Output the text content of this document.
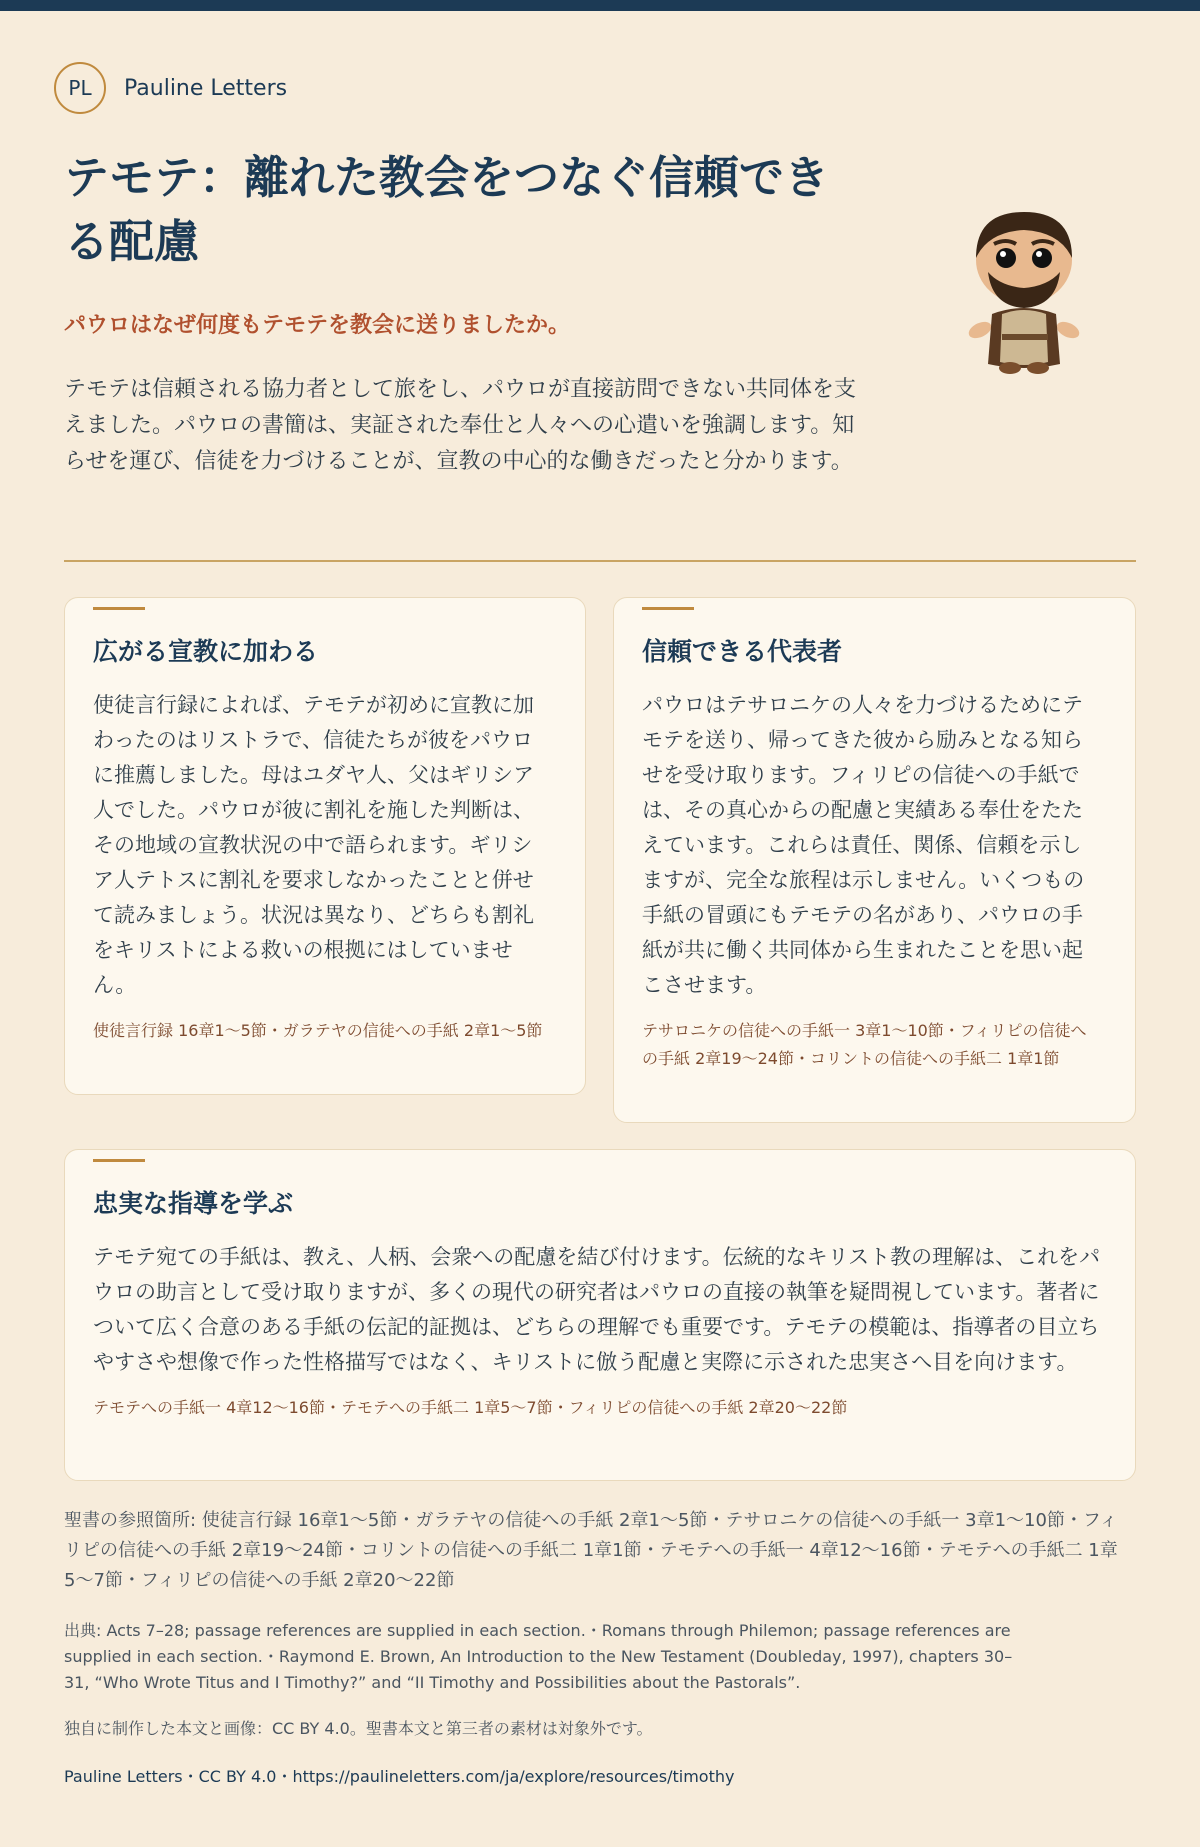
PL	Pauline Letters
テモテ：離れた教会をつなぐ信頼できる配慮
パウロはなぜ何度もテモテを教会に送りましたか。

テモテは信頼される協力者として旅をし、パウロが直接訪問できない共同体を支えました。パウロの書簡は、実証された奉仕と人々への心遣いを強調します。知らせを運び、信徒を力づけることが、宣教の中心的な働きだったと分かります。

広がる宣教に加わる

使徒言行録によれば、テモテが初めに宣教に加わったのはリストラで、信徒たちが彼をパウロに推薦しました。母はユダヤ人、父はギリシア人でした。パウロが彼に割礼を施した判断は、その地域の宣教状況の中で語られます。ギリシア人テトスに割礼を要求しなかったことと併せて読みましょう。状況は異なり、どちらも割礼をキリストによる救いの根拠にはしていません。

使徒言行録 16章1〜5節・ガラテヤの信徒への手紙 2章1〜5節

信頼できる代表者

パウロはテサロニケの人々を力づけるためにテモテを送り、帰ってきた彼から励みとなる知らせを受け取ります。フィリピの信徒への手紙では、その真心からの配慮と実績ある奉仕をたたえています。これらは責任、関係、信頼を示しますが、完全な旅程は示しません。いくつもの手紙の冒頭にもテモテの名があり、パウロの手紙が共に働く共同体から生まれたことを思い起こさせます。

テサロニケの信徒への手紙一 3章1〜10節・フィリピの信徒への手紙 2章19〜24節・コリントの信徒への手紙二 1章1節

忠実な指導を学ぶ

テモテ宛ての手紙は、教え、人柄、会衆への配慮を結び付けます。伝統的なキリスト教の理解は、これをパウロの助言として受け取りますが、多くの現代の研究者はパウロの直接の執筆を疑問視しています。著者について広く合意のある手紙の伝記的証拠は、どちらの理解でも重要です。テモテの模範は、指導者の目立ちやすさや想像で作った性格描写ではなく、キリストに倣う配慮と実際に示された忠実さへ目を向けます。

テモテへの手紙一 4章12〜16節・テモテへの手紙二 1章5〜7節・フィリピの信徒への手紙 2章20〜22節

聖書の参照箇所: 使徒言行録 16章1〜5節・ガラテヤの信徒への手紙 2章1〜5節・テサロニケの信徒への手紙一 3章1〜10節・フィリピの信徒への手紙 2章19〜24節・コリントの信徒への手紙二 1章1節・テモテへの手紙一 4章12〜16節・テモテへの手紙二 1章5〜7節・フィリピの信徒への手紙 2章20〜22節

出典: Acts 7–28; passage references are supplied in each section.・Romans through Philemon; passage references are supplied in each section.・Raymond E. Brown, An Introduction to the New Testament (Doubleday, 1997), chapters 30–31, “Who Wrote Titus and I Timothy?” and “II Timothy and Possibilities about the Pastorals”.

独自に制作した本文と画像：CC BY 4.0。聖書本文と第三者の素材は対象外です。

Pauline Letters・CC BY 4.0・https://paulineletters.com/ja/explore/resources/timothy
